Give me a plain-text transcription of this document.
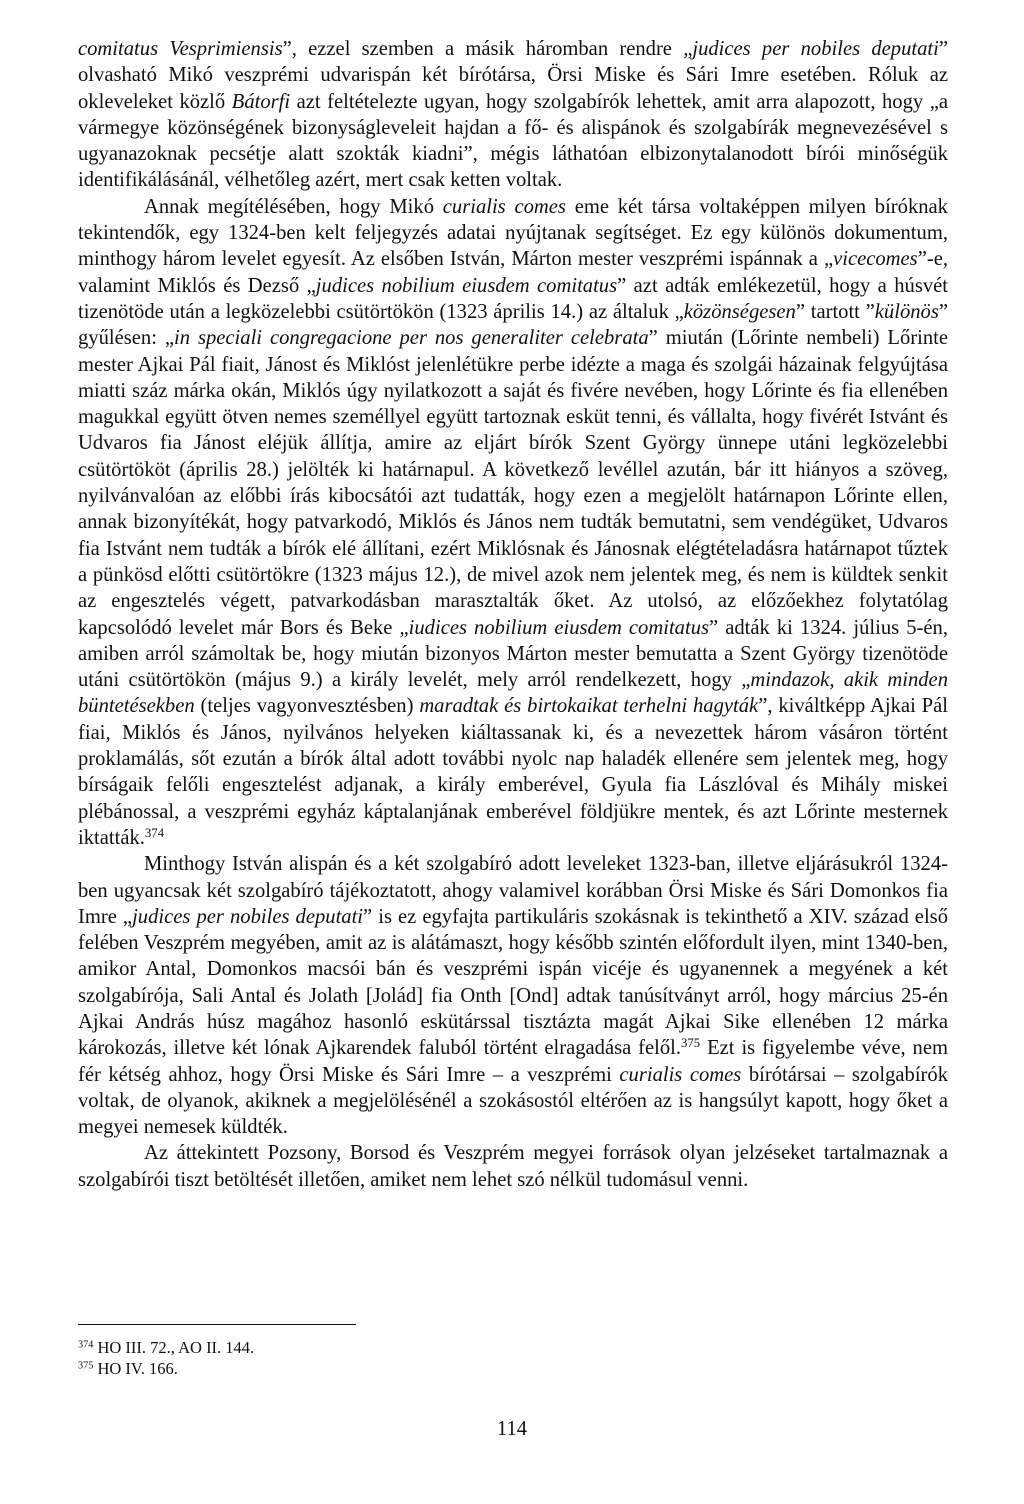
comitatus Vesprimiensis”, ezzel szemben a másik háromban rendre „judices per nobiles deputati” olvasható Mikó veszprémi udvarispán két bírótársa, Örsi Miske és Sári Imre esetében. Róluk az okleveleket közlő Bátorfi azt feltételezte ugyan, hogy szolgabírók lehettek, amit arra alapozott, hogy „a vármegye közönségének bizonyságleveleit hajdan a fő- és alispánok és szolgabírák megnevezésével s ugyanazoknak pecsétje alatt szokták kiadni”, mégis láthatóan elbizonytalanodott bírói minőségük identifikálásánál, vélhetőleg azért, mert csak ketten voltak.

Annak megítélésében, hogy Mikó curialis comes eme két társa voltaképpen milyen bíróknak tekintendők, egy 1324-ben kelt feljegyzés adatai nyújtanak segítséget. Ez egy különös dokumentum, minthogy három levelet egyesít. Az elsőben István, Márton mester veszprémi ispánnak a „vicecomes”-e, valamint Miklós és Dezső „judices nobilium eiusdem comitatus” azt adták emlékezetül, hogy a húsvét tizenötöde után a legközelebbi csütörtökön (1323 április 14.) az általuk „közönségesen” tartott ”különös” gyűlésen: „in speciali congregacione per nos generaliter celebrata” miután (Lőrinte nembeli) Lőrinte mester Ajkai Pál fiait, Jánost és Miklóst jelenlétükre perbe idézte a maga és szolgái házainak felgyújtása miatti száz márka okán, Miklós úgy nyilatkozott a saját és fivére nevében, hogy Lőrinte és fia ellenében magukkal együtt ötven nemes személlyel együtt tartoznak esküt tenni, és vállalta, hogy fivérét Istvánt és Udvaros fia Jánost eléjük állítja, amire az eljárt bírók Szent György ünnepe utáni legközelebbi csütörtököt (április 28.) jelölték ki határnapul. A következő levéllel azután, bár itt hiányos a szöveg, nyilvánvalóan az előbbi írás kibocsátói azt tudatták, hogy ezen a megjelölt határnapon Lőrinte ellen, annak bizonyítékát, hogy patvarkodó, Miklós és János nem tudták bemutatni, sem vendégüket, Udvaros fia Istvánt nem tudták a bírók elé állítani, ezért Miklósnak és Jánosnak elégtételadásra határnapot tűztek a pünkösd előtti csütörtökre (1323 május 12.), de mivel azok nem jelentek meg, és nem is küldtek senkit az engesztelés végett, patvarkodásban marasztalták őket. Az utolsó, az előzőekhez folytatólag kapcsolódó levelet már Bors és Beke „iudices nobilium eiusdem comitatus” adták ki 1324. július 5-én, amiben arról számoltak be, hogy miután bizonyos Márton mester bemutatta a Szent György tizenötöde utáni csütörtökön (május 9.) a király levelét, mely arról rendelkezett, hogy „mindazok, akik minden büntetésekben (teljes vagyonvesztésben) maradtak és birtokaikat terhelni hagyták”, kiváltképp Ajkai Pál fiai, Miklós és János, nyilvános helyeken kiáltassanak ki, és a nevezettek három vásáron történt proklamálás, sőt ezután a bírók által adott további nyolc nap haladék ellenére sem jelentek meg, hogy bírságaik felőli engesztelést adjanak, a király emberével, Gyula fia Lászlóval és Mihály miskei plébánossal, a veszprémi egyház káptalanjának emberével földjükre mentek, és azt Lőrinte mesternek iktatták.$^{374}$

Minthogy István alispán és a két szolgabíró adott leveleket 1323-ban, illetve eljárásukról 1324-ben ugyancsak két szolgabíró tájékoztatott, ahogy valamivel korábban Örsi Miske és Sári Domonkos fia Imre „judices per nobiles deputati” is ez egyfajta partikuláris szokásnak is tekinthető a XIV. század első felében Veszprém megyében, amit az is alátámaszt, hogy később szintén előfordult ilyen, mint 1340-ben, amikor Antal, Domonkos macsói bán és veszprémi ispán vicéje és ugyanennek a megyének a két szolgabírója, Sali Antal és Jolath [Jolád] fia Onth [Ond] adtak tanúsítványt arról, hogy március 25-én Ajkai András húsz magához hasonló eskütárssal tisztázta magát Ajkai Sike ellenében 12 márka károkozás, illetve két lónak Ajkarendek faluból történt elragadása felől.$^{375}$ Ezt is figyelembe véve, nem fér kétség ahhoz, hogy Örsi Miske és Sári Imre – a veszprémi curialis comes bírótársai – szolgabírók voltak, de olyanok, akiknek a megjelölésénél a szokásostól eltérően az is hangsúlyt kapott, hogy őket a megyei nemesek küldték.

Az áttekintett Pozsony, Borsod és Veszprém megyei források olyan jelzéseket tartalmaznak a szolgabírói tiszt betöltését illetően, amiket nem lehet szó nélkül tudomásul venni.

$^{374}$ HO III. 72., AO II. 144.
$^{375}$ HO IV. 166.
114
